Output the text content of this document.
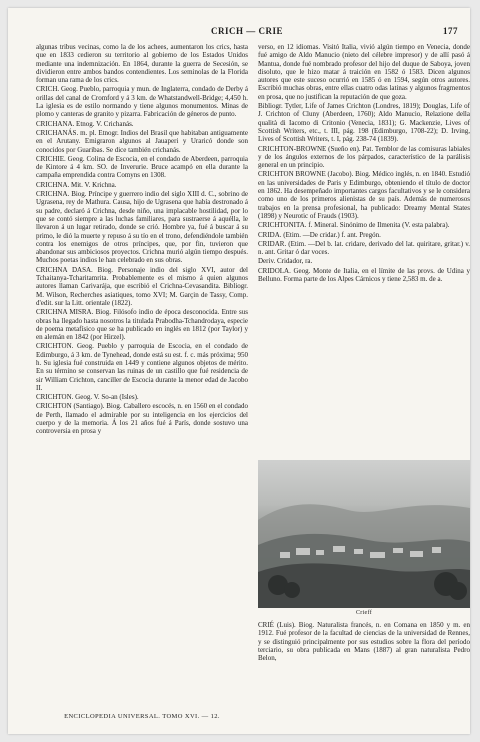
CRICH — CRIE	177

algunas tribus vecinas, como la de los achees, aumentaron los crics, hasta que en 1833 cedieron su territorio al gobierno de los Estados Unidos mediante una indemnización. En 1864, durante la guerra de Secesión, se dividieron entre ambos bandos contendientes. Los seminolas de la Florida forman una rama de los crics.

CRICH. Geog. Pueblo, parroquia y mun. de Inglaterra, condado de Derby á orillas del canal de Cromford y á 3 km. de Whatstandwell-Bridge; 4,450 h. La iglesia es de estilo normando y tiene algunos monumentos. Minas de plomo y canteras de granito y pizarra. Fabricación de géneros de punto.

CRICHANA. Etnog. V. Crichanás.

CRICHANÁS. m. pl. Etnogr. Indios del Brasil que habitaban antiguamente en el Arutany. Emigraron algunos al Jauaperi y Uraricó donde son conocidos por Guaribas. Se dice también crichanás.

CRICHIE. Geog. Colina de Escocia, en el condado de Aberdeen, parroquia de Kintore á 4 km. SO. de Inverurie. Bruce acampó en ella durante la campaña emprendida contra Comyns en 1308.

CRICHNA. Mit. V. Krichna.

CRICHNA. Biog. Príncipe y guerrero indio del siglo XIII d. C., sobrino de Ugrasena, rey de Mathura. Causa, hijo de Ugrasena que había destronado á su padre, declaró á Crichna, desde niño, una implacable hostilidad, por lo que se contó siempre a las luchas familiares, para sustraerse á aquélla, le llevaron á un lugar retirado, donde se crió. Hombre ya, fué á buscar á su primo, le dió la muerte y repuso á su tío en el trono, defendiéndole también contra los enemigos de otros príncipes, que, por fin, tuvieron que abandonar sus ambiciosos proyectos. Crichna murió algún tiempo después. Muchos poetas indios le han celebrado en sus obras.

CRICHNA DASA. Biog. Personaje indio del siglo XVI, autor del Tchaitanya-Tcharitamrita. Probablemente es el mismo á quien algunos autores llaman Carivarája, que escribió el Crichna-Cevasandita. Bibliogr. M. Wilson, Recherches asiatiques, tomo XVI; M. Garçin de Tassy, Comp. d'edit. sur la Litt. orientale (1822).

CRICHNA MISRA. Biog. Filósofo indio de época desconocida. Entre sus obras ha llegado hasta nosotros la titulada Prabodha-Tchandrodaya, especie de poema metafísico que se ha publicado en inglés en 1812 (por Taylor) y en alemán en 1842 (por Hirzel).

CRICHTON. Geog. Pueblo y parroquia de Escocia, en el condado de Edimburgo, á 3 km. de Tynehead, donde está su est. f. c. más próxima; 950 h. Su iglesia fué construida en 1449 y contiene algunos objetos de mérito. En su término se conservan las ruinas de un castillo que fué residencia de sir William Crichton, canciller de Escocia durante la menor edad de Jacobo II.

CRICHTON. Geog. V. So-an (Isles).

CRICHTON (Santiago). Biog. Caballero escocés, n. en 1560 en el condado de Perth, llamado el admirable por su inteligencia en los ejercicios del cuerpo y de la memoria. Á los 21 años fué á París, donde sostuvo una controversia en prosa y

verso, en 12 idiomas. Visitó Italia, vivió algún tiempo en Venecia, donde fué amigo de Aldo Manucio (nieto del célebre impresor) y de allí pasó á Mantua, donde fué nombrado profesor del hijo del duque de Saboya, joven disoluto, que le hizo matar á traición en 1582 ó 1583. Dicen algunos autores que este suceso ocurrió en 1585 ó en 1594, según otros autores. Escribió muchas obras, entre ellas cuatro odas latinas y algunos fragmentos en prosa, que no justifican la reputación de que goza.

Bibliogr. Tytler, Life of James Crichton (Londres, 1819); Douglas, Life of J. Crichton of Cluny (Aberdeen, 1760); Aldo Manucio, Relazione della qualità di Iacomo di Critonio (Venecia, 1831); G. Mackenzie, Lives of Scottish Writers, etc., t. III, pág. 198 (Edimburgo, 1708-22); D. Irving, Lives of Scottish Writers, t. I, pág. 238-74 (1839).

CRICHTON-BROWNE (Sueño en). Pat. Temblor de las comisuras labiales y de los ángulos externos de los párpados, característico de la parálisis general en un principio.

CRICHTON BROWNE (Jacobo). Biog. Médico inglés, n. en 1840. Estudió en las universidades de Paris y Edimburgo, obteniendo el título de doctor en 1862. Ha desempeñado importantes cargos facultativos y se le considera como uno de los primeros alienistas de su país. Además de numerosos trabajos en la prensa profesional, ha publicado: Dreamy Mental States (1898) y Neurotic of Frauds (1903).

CRICHTONITA. f. Mineral. Sinónimo de Ilmenita (V. esta palabra).

CRIDA. (Etim. —De cridar.) f. ant. Pregón.

CRIDAR. (Etim. —Del b. lat. cridare, derivado del lat. quiritare, gritar.) v. n. ant. Gritar ó dar voces.

Deriv. Cridador, ra.

CRIDOLA. Geog. Monte de Italia, en el límite de las provs. de Udina y Belluno. Forma parte de los Alpes Cárnicos y tiene 2,583 m. de a.

Crieff
CRIÉ (Luis). Biog. Naturalista francés, n. en Comana en 1850 y m. en 1912. Fué profesor de la facultad de ciencias de la universidad de Rennes, y se distinguió principalmente por sus estudios sobre la flora del período terciario, su obra publicada en Mans (1887) al gran naturalista Pedro Belon,
ENCICLOPEDIA UNIVERSAL. TOMO XVI. — 12.
